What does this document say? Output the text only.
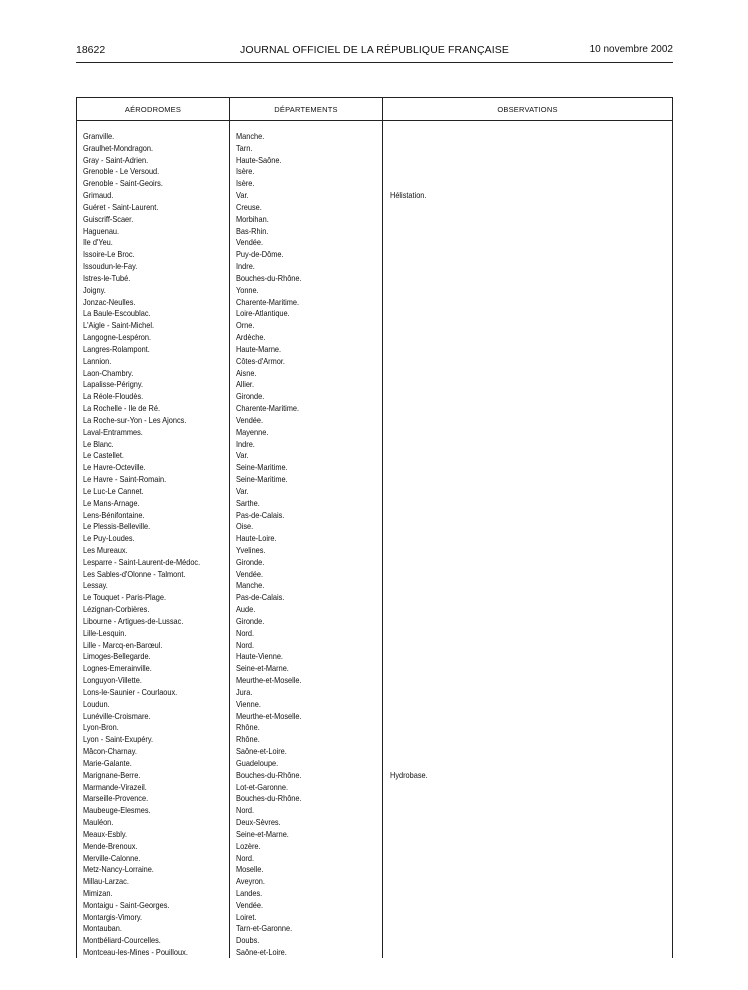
18622	JOURNAL OFFICIEL DE LA RÉPUBLIQUE FRANÇAISE	10 novembre 2002
AÉRODROMES	DÉPARTEMENTS	OBSERVATIONS
Granville.	Manche.
Graulhet-Mondragon.	Tarn.
Gray - Saint-Adrien.	Haute-Saône.
Grenoble - Le Versoud.	Isère.
Grenoble - Saint-Geoirs.	Isère.
Grimaud.	Var.	Hélistation.
Guéret - Saint-Laurent.	Creuse.
Guiscriff-Scaer.	Morbihan.
Haguenau.	Bas-Rhin.
Ile d'Yeu.	Vendée.
Issoire-Le Broc.	Puy-de-Dôme.
Issoudun-le-Fay.	Indre.
Istres-le-Tubé.	Bouches-du-Rhône.
Joigny.	Yonne.
Jonzac-Neulles.	Charente-Maritime.
La Baule-Escoublac.	Loire-Atlantique.
L'Aigle - Saint-Michel.	Orne.
Langogne-Lespéron.	Ardèche.
Langres-Rolampont.	Haute-Marne.
Lannion.	Côtes-d'Armor.
Laon-Chambry.	Aisne.
Lapalisse-Périgny.	Allier.
La Réole-Floudès.	Gironde.
La Rochelle - Ile de Ré.	Charente-Maritime.
La Roche-sur-Yon - Les Ajoncs.	Vendée.
Laval-Entrammes.	Mayenne.
Le Blanc.	Indre.
Le Castellet.	Var.
Le Havre-Octeville.	Seine-Maritime.
Le Havre - Saint-Romain.	Seine-Maritime.
Le Luc-Le Cannet.	Var.
Le Mans-Arnage.	Sarthe.
Lens-Bénifontaine.	Pas-de-Calais.
Le Plessis-Belleville.	Oise.
Le Puy-Loudes.	Haute-Loire.
Les Mureaux.	Yvelines.
Lesparre - Saint-Laurent-de-Médoc.	Gironde.
Les Sables-d'Olonne - Talmont.	Vendée.
Lessay.	Manche.
Le Touquet - Paris-Plage.	Pas-de-Calais.
Lézignan-Corbières.	Aude.
Libourne - Artigues-de-Lussac.	Gironde.
Lille-Lesquin.	Nord.
Lille - Marcq-en-Barœul.	Nord.
Limoges-Bellegarde.	Haute-Vienne.
Lognes-Emerainville.	Seine-et-Marne.
Longuyon-Villette.	Meurthe-et-Moselle.
Lons-le-Saunier - Courlaoux.	Jura.
Loudun.	Vienne.
Lunéville-Croismare.	Meurthe-et-Moselle.
Lyon-Bron.	Rhône.
Lyon - Saint-Exupéry.	Rhône.
Mâcon-Charnay.	Saône-et-Loire.
Marie-Galante.	Guadeloupe.
Marignane-Berre.	Bouches-du-Rhône.	Hydrobase.
Marmande-Virazeil.	Lot-et-Garonne.
Marseille-Provence.	Bouches-du-Rhône.
Maubeuge-Elesmes.	Nord.
Mauléon.	Deux-Sèvres.
Meaux-Esbly.	Seine-et-Marne.
Mende-Brenoux.	Lozère.
Merville-Calonne.	Nord.
Metz-Nancy-Lorraine.	Moselle.
Millau-Larzac.	Aveyron.
Mimizan.	Landes.
Montaigu - Saint-Georges.	Vendée.
Montargis-Vimory.	Loiret.
Montauban.	Tarn-et-Garonne.
Montbéliard-Courcelles.	Doubs.
Montceau-les-Mines - Pouilloux.	Saône-et-Loire.
